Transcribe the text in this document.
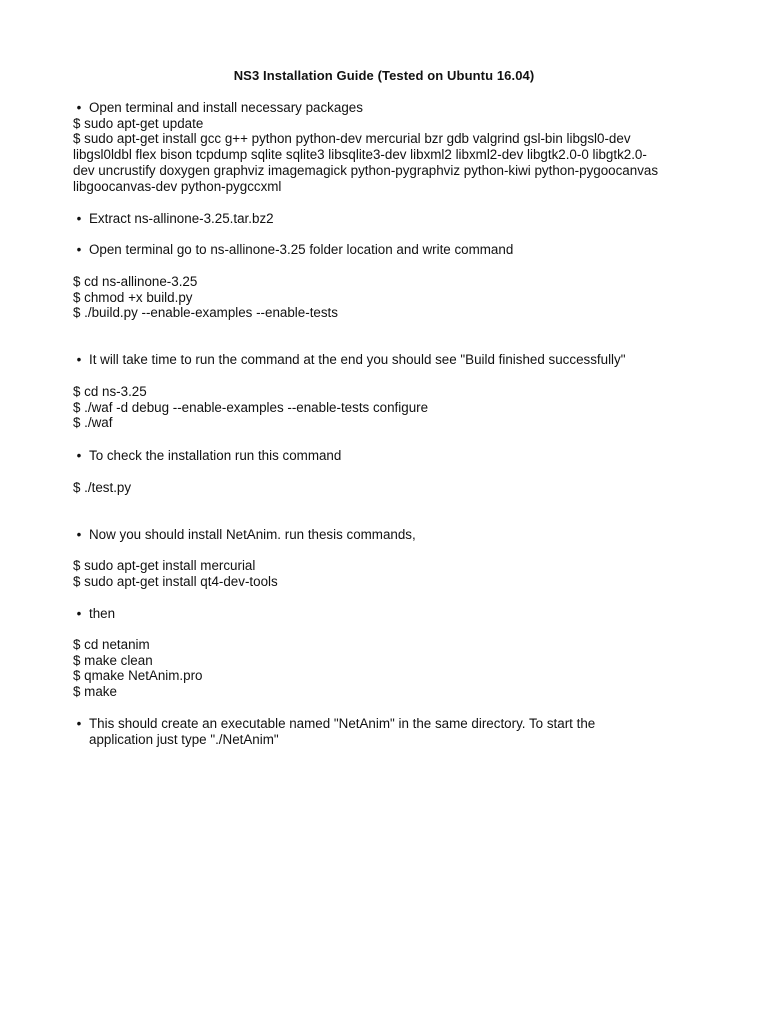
NS3 Installation Guide (Tested on Ubuntu 16.04)
• Open terminal and install necessary packages
$ sudo apt-get update
$ sudo apt-get install gcc g++ python python-dev mercurial bzr gdb valgrind gsl-bin libgsl0-dev
libgsl0ldbl flex bison tcpdump sqlite sqlite3 libsqlite3-dev libxml2 libxml2-dev libgtk2.0-0 libgtk2.0-
dev uncrustify doxygen graphviz imagemagick python-pygraphviz python-kiwi python-pygoocanvas
libgoocanvas-dev python-pygccxml
• Extract ns-allinone-3.25.tar.bz2
• Open terminal go to ns-allinone-3.25 folder location and write command
$ cd ns-allinone-3.25
$ chmod +x build.py
$ ./build.py --enable-examples --enable-tests
• It will take time to run the command at the end you should see "Build finished successfully"
$ cd ns-3.25
$ ./waf -d debug --enable-examples --enable-tests configure
$ ./waf
• To check the installation run this command
$ ./test.py
• Now you should install NetAnim. run thesis commands,
$ sudo apt-get install mercurial
$ sudo apt-get install qt4-dev-tools
• then
$ cd netanim
$ make clean
$ qmake NetAnim.pro
$ make
• This should create an executable named "NetAnim" in the same directory. To start the
application just type "./NetAnim"
